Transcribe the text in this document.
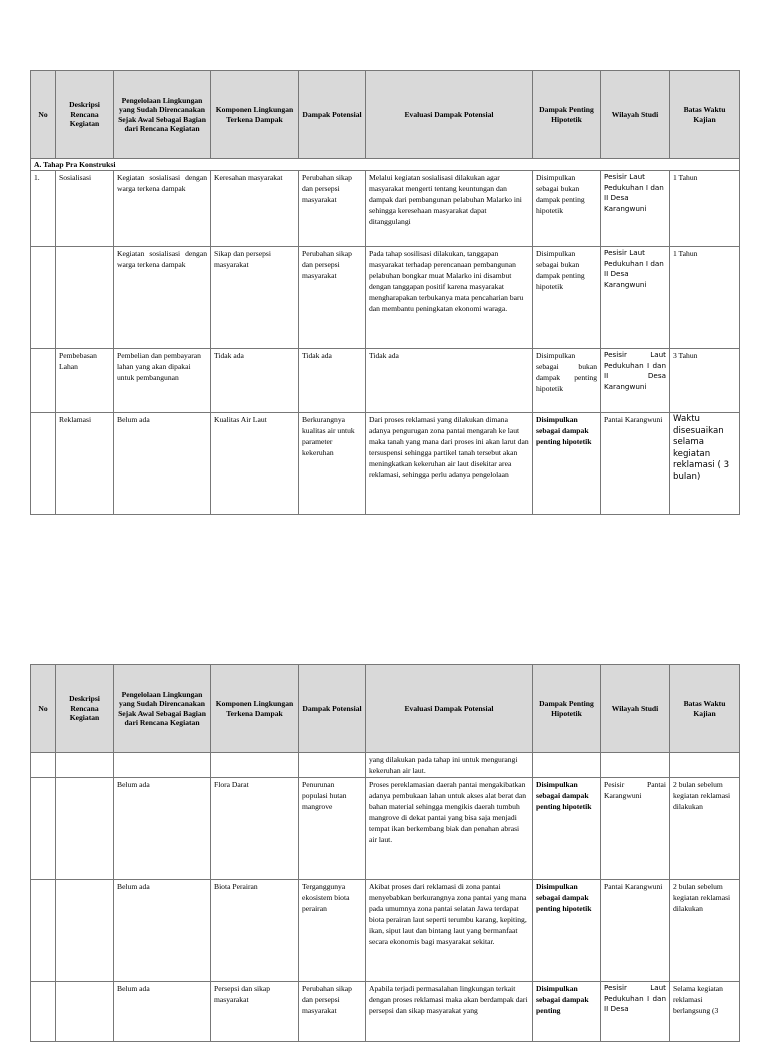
No	Deskripsi Rencana Kegiatan	Pengelolaan Lingkungan yang Sudah Direncanakan Sejak Awal Sebagai Bagian dari Rencana Kegiatan	Komponen Lingkungan Terkena Dampak	Dampak Potensial	Evaluasi Dampak Potensial	Dampak Penting Hipotetik	Wilayah Studi	Batas Waktu Kajian
A. Tahap Pra Konstruksi								
1.	Sosialisasi	Kegiatan sosialisasi dengan warga terkena dampak	Keresahan masyarakat	Perubahan sikap dan persepsi masyarakat	Melalui kegiatan sosialisasi dilakukan agar masyarakat mengerti tentang keuntungan dan dampak dari pembangunan pelabuhan Malarko ini sehingga keresehaan masyarakat dapat ditanggulangi	Disimpulkan sebagai bukan dampak penting hipotetik	Pesisir Laut Pedukuhan I dan II Desa Karangwuni	1 Tahun
		Kegiatan sosialisasi dengan warga terkena dampak	Sikap dan persepsi masyarakat	Perubahan sikap dan persepsi masyarakat	Pada tahap sosilisasi dilakukan, tanggapan masyarakat terhadap perencanaan pembangunan pelabuhan bongkar muat Malarko ini disambut dengan tanggapan positif karena masyarakat mengharapakan terbukanya mata pencaharian baru dan membantu peningkatan ekonomi waraga.	Disimpulkan sebagai bukan dampak penting hipotetik	Pesisir Laut Pedukuhan I dan II Desa Karangwuni	1 Tahun
	Pembebasan Lahan	Pembelian dan pembayaran lahan yang akan dipakai untuk pembangunan	Tidak ada	Tidak ada	Tidak ada	Disimpulkan sebagai bukan dampak penting hipotetik	Pesisir Laut Pedukuhan I dan II Desa Karangwuni	3 Tahun
	Reklamasi	Belum ada	Kualitas Air Laut	Berkurangnya kualitas air untuk parameter kekeruhan	Dari proses reklamasi yang dilakukan dimana adanya pengurugan zona pantai mengarah ke laut maka tanah yang mana dari proses ini akan larut dan tersuspensi sehingga partikel tanah tersebut akan meningkatkan kekeruhan air laut disekitar area reklamasi, sehingga perlu adanya pengelolaan	Disimpulkan sebagai dampak penting hipotetik	Pantai Karangwuni	Waktu disesuaikan selama kegiatan reklamasi ( 3 bulan)
No	Deskripsi Rencana Kegiatan	Pengelolaan Lingkungan yang Sudah Direncanakan Sejak Awal Sebagai Bagian dari Rencana Kegiatan	Komponen Lingkungan Terkena Dampak	Dampak Potensial	Evaluasi Dampak Potensial	Dampak Penting Hipotetik	Wilayah Studi	Batas Waktu Kajian
					yang dilakukan pada tahap ini untuk mengurangi kekeruhan air laut.			
		Belum ada	Flora Darat	Penurunan populasi hutan mangrove	Proses pereklamasian daerah pantai mengakibatkan adanya pembukaan lahan untuk akses alat berat dan bahan material sehingga mengikis daerah tumbuh mangrove di dekat pantai yang bisa saja menjadi tempat ikan berkembang biak dan penahan abrasi air laut.	Disimpulkan sebagai dampak penting hipotetik	Pesisir Pantai Karangwuni	2 bulan sebelum kegiatan reklamasi dilakukan
		Belum ada	Biota Perairan	Terganggunya ekosistem biota perairan	Akibat proses dari reklamasi di zona pantai menyebabkan berkurangnya zona pantai yang mana pada umumnya zona pantai selatan Jawa terdapat biota perairan laut seperti terumbu karang, kepiting, ikan, siput laut dan bintang laut yang bermanfaat secara ekonomis bagi masyarakat sekitar.	Disimpulkan sebagai dampak penting hipotetik	Pantai Karangwuni	2 bulan sebelum kegiatan reklamasi dilakukan
		Belum ada	Persepsi dan sikap masyarakat	Perubahan sikap dan persepsi masyarakat	Apabila terjadi permasalahan lingkungan terkait dengan proses reklamasi maka akan berdampak dari persepsi dan sikap masyarakat yang	Disimpulkan sebagai dampak penting	Pesisir Laut Pedukuhan I dan II Desa	Selama kegiatan reklamasi berlangsung (3
